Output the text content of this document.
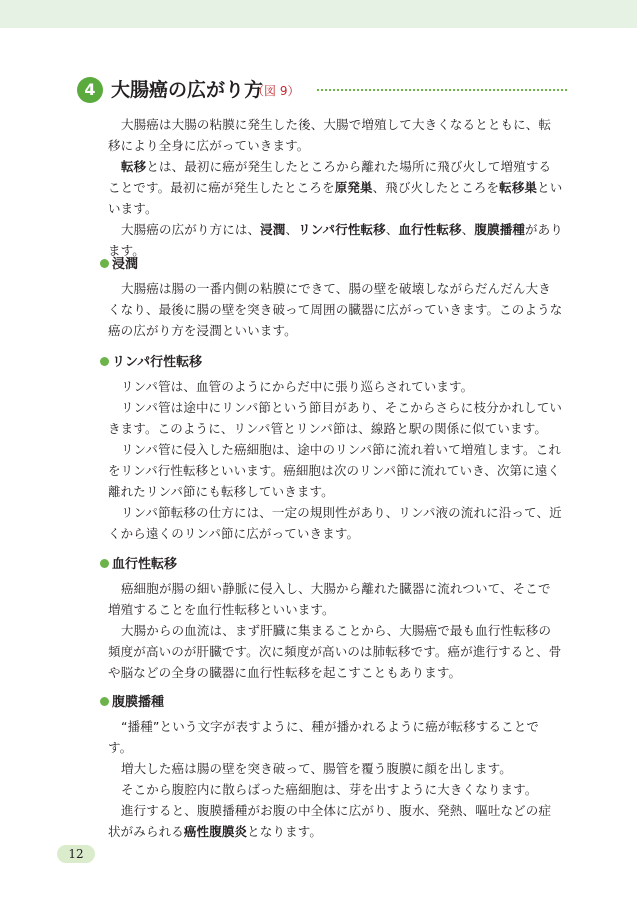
4 大腸癌の広がり方
（図 9）

大腸癌は大腸の粘膜に発生した後、大腸で増殖して大きくなるとともに、転移により全身に広がっていきます。

転移とは、最初に癌が発生したところから離れた場所に飛び火して増殖することです。最初に癌が発生したところを原発巣、飛び火したところを転移巣といいます。

大腸癌の広がり方には、浸潤、リンパ行性転移、血行性転移、腹膜播種があります。

浸潤

大腸癌は腸の一番内側の粘膜にできて、腸の壁を破壊しながらだんだん大きくなり、最後に腸の壁を突き破って周囲の臓器に広がっていきます。このような癌の広がり方を浸潤といいます。

リンパ行性転移

リンパ管は、血管のようにからだ中に張り巡らされています。

リンパ管は途中にリンパ節という節目があり、そこからさらに枝分かれしていきます。このように、リンパ管とリンパ節は、線路と駅の関係に似ています。

リンパ管に侵入した癌細胞は、途中のリンパ節に流れ着いて増殖します。これをリンパ行性転移といいます。癌細胞は次のリンパ節に流れていき、次第に遠く離れたリンパ節にも転移していきます。

リンパ節転移の仕方には、一定の規則性があり、リンパ液の流れに沿って、近くから遠くのリンパ節に広がっていきます。

血行性転移

癌細胞が腸の細い静脈に侵入し、大腸から離れた臓器に流れついて、そこで増殖することを血行性転移といいます。

大腸からの血流は、まず肝臓に集まることから、大腸癌で最も血行性転移の頻度が高いのが肝臓です。次に頻度が高いのは肺転移です。癌が進行すると、骨や脳などの全身の臓器に血行性転移を起こすこともあります。

腹膜播種

“播種”という文字が表すように、種が播かれるように癌が転移することです。

増大した癌は腸の壁を突き破って、腸管を覆う腹膜に顔を出します。

そこから腹腔内に散らばった癌細胞は、芽を出すように大きくなります。

進行すると、腹膜播種がお腹の中全体に広がり、腹水、発熱、嘔吐などの症状がみられる癌性腹膜炎となります。

12
